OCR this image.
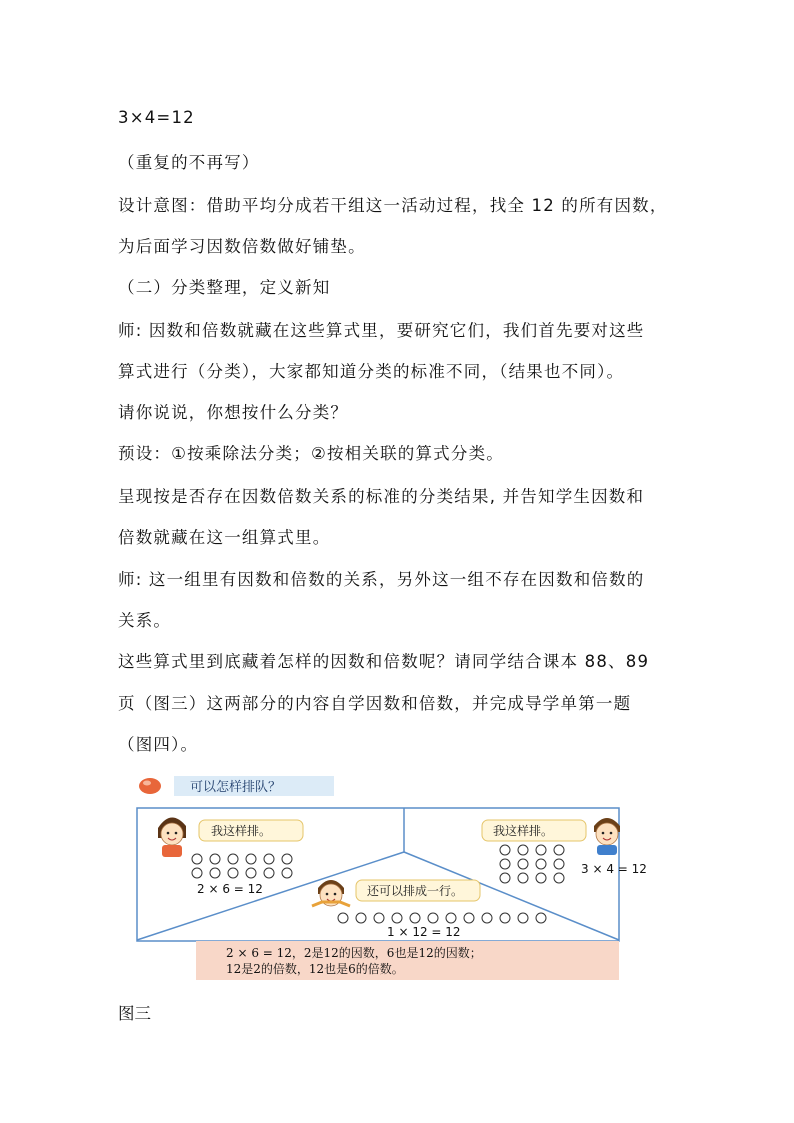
3×4=12
（重复的不再写）
设计意图：借助平均分成若干组这一活动过程，找全 12 的所有因数，
为后面学习因数倍数做好铺垫。
（二）分类整理，定义新知
师: 因数和倍数就藏在这些算式里，要研究它们，我们首先要对这些
算式进行（分类），大家都知道分类的标准不同，（结果也不同）。
请你说说，你想按什么分类？
预设：①按乘除法分类；②按相关联的算式分类。
呈现按是否存在因数倍数关系的标准的分类结果, 并告知学生因数和
倍数就藏在这一组算式里。
师: 这一组里有因数和倍数的关系，另外这一组不存在因数和倍数的
关系。
这些算式里到底藏着怎样的因数和倍数呢？请同学结合课本 88、89
页（图三）这两部分的内容自学因数和倍数，并完成导学单第一题
（图四）。
可以怎样排队？
我这样排。
2 × 6 = 12
我这样排。
3 × 4 = 12
还可以排成一行。
1 × 12 = 12
2 × 6 = 12，2是12的因数，6也是12的因数；
12是2的倍数，12也是6的倍数。
图三
